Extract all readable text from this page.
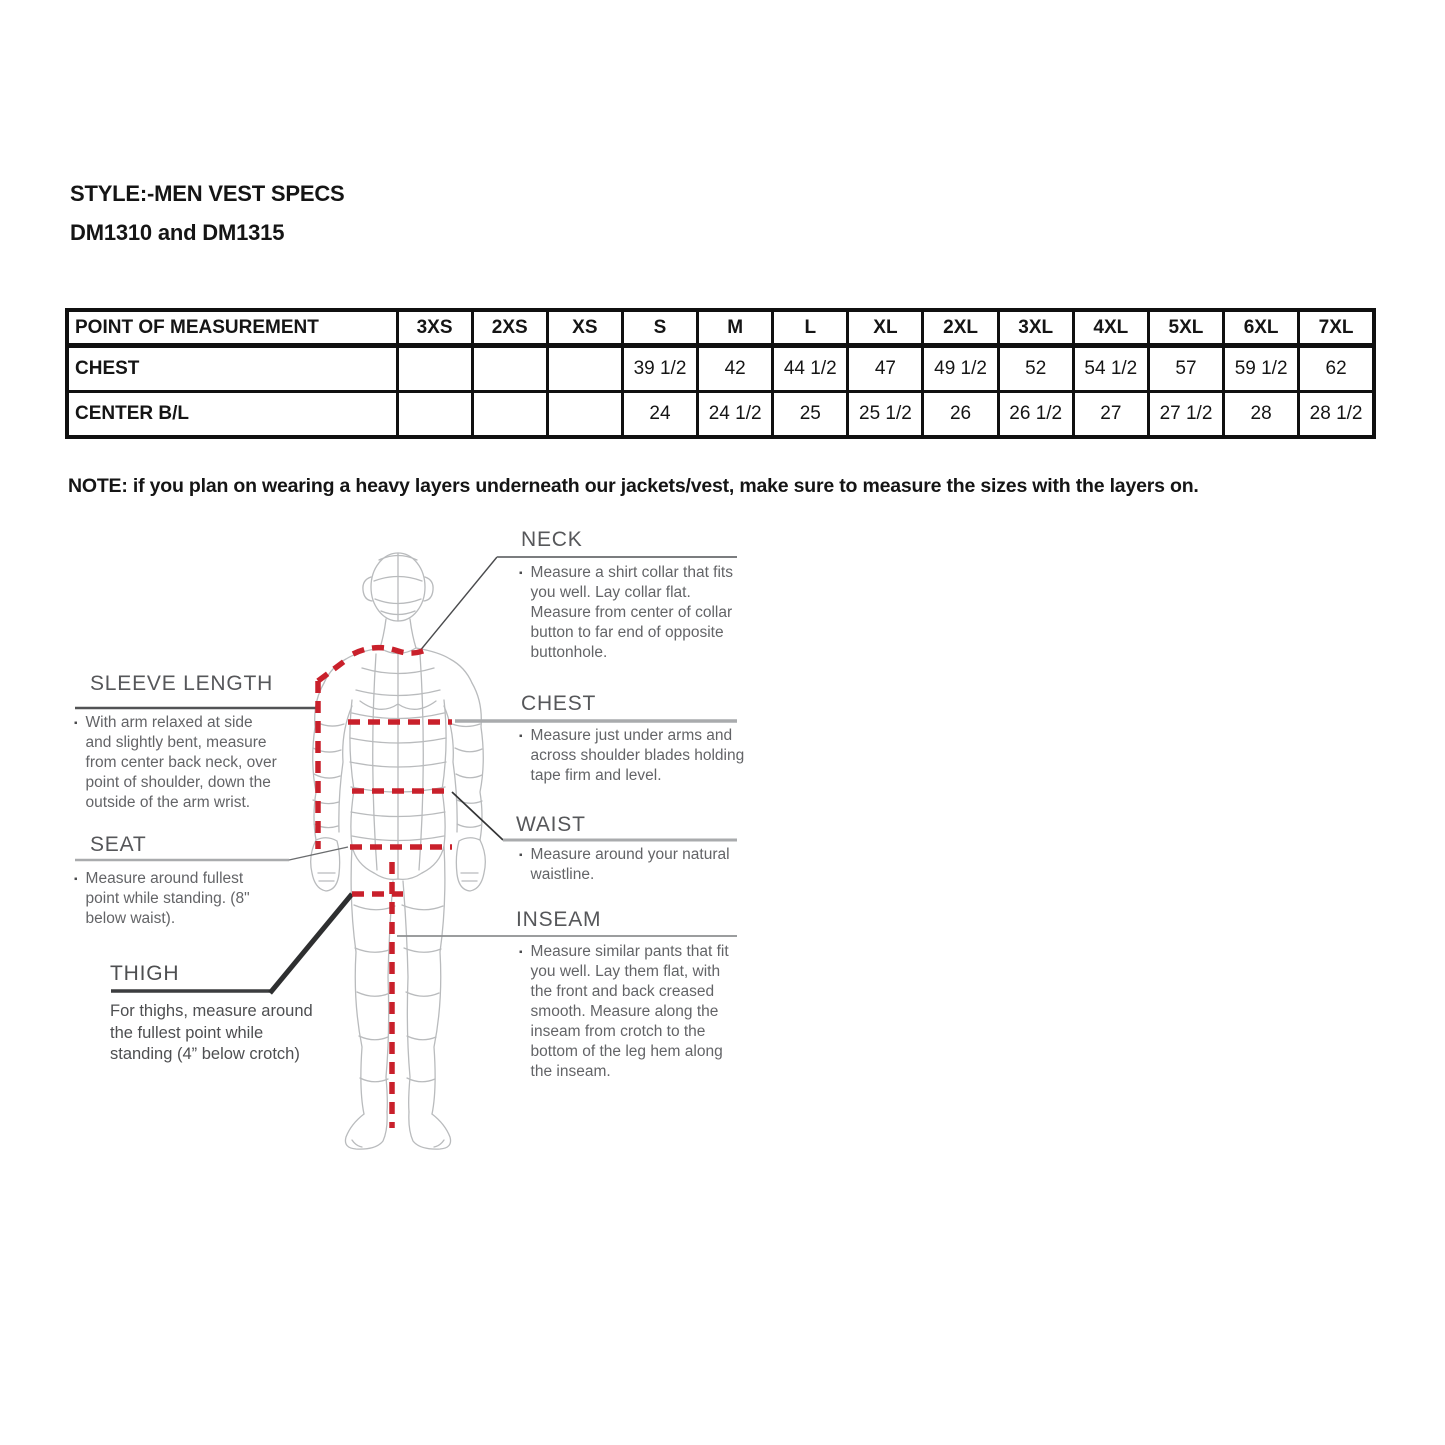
STYLE:-MEN VEST SPECS
DM1310 and DM1315
POINT OF MEASUREMENT	3XS	2XS	XS	S	M	L	XL	2XL	3XL	4XL	5XL	6XL	7XL
CHEST				39 1/2	42	44 1/2	47	49 1/2	52	54 1/2	57	59 1/2	62
CENTER B/L				24	24 1/2	25	25 1/2	26	26 1/2	27	27 1/2	28	28 1/2
NOTE: if you plan on wearing a heavy layers underneath our jackets/vest, make sure to measure the sizes with the layers on.
SLEEVE LENGTH
▪ With arm relaxed at side and slightly bent, measure from center back neck, over point of shoulder, down the outside of the arm wrist.
SEAT
▪ Measure around fullest point while standing. (8" below waist).
THIGH
For thighs, measure around the fullest point while standing (4” below crotch)
NECK
▪ Measure a shirt collar that fits you well. Lay collar flat. Measure from center of collar button to far end of opposite buttonhole.
CHEST
▪ Measure just under arms and across shoulder blades holding tape firm and level.
WAIST
▪ Measure around your natural waistline.
INSEAM
▪ Measure similar pants that fit you well. Lay them flat, with the front and back creased smooth. Measure along the inseam from crotch to the bottom of the leg hem along the inseam.
